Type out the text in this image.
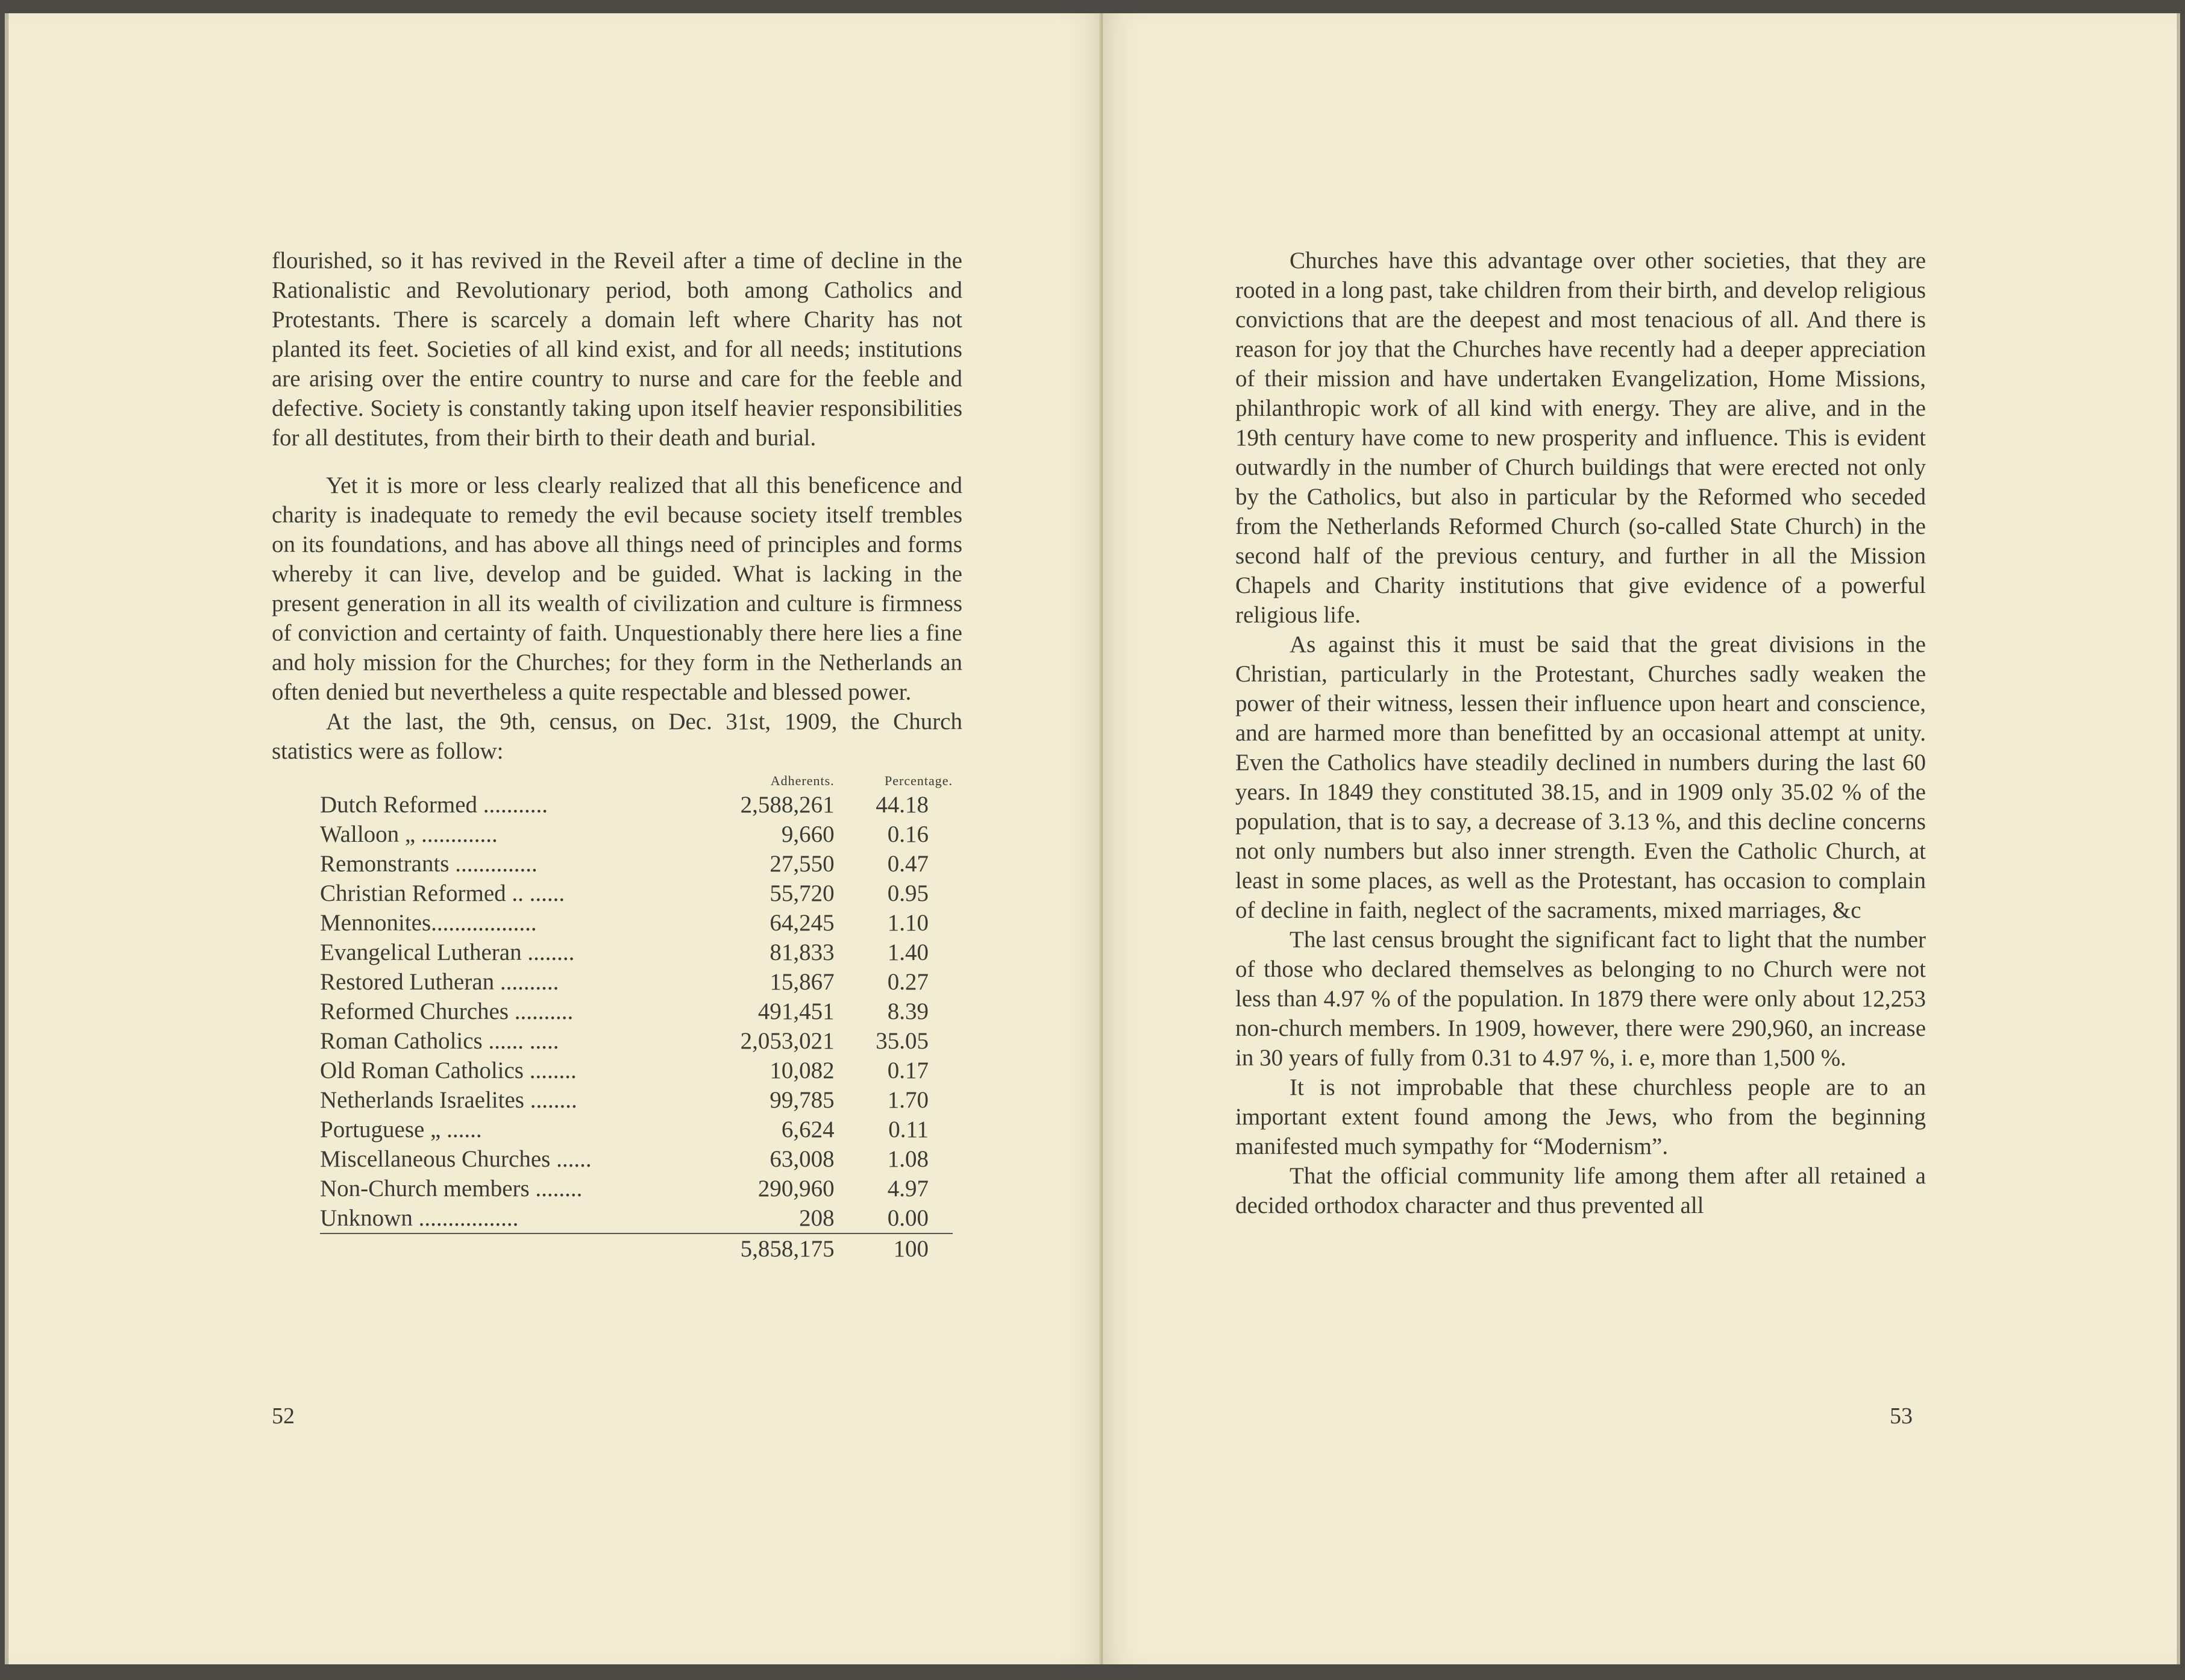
flourished, so it has revived in the Reveil after a time of decline in the Rationalistic and Revolutionary period, both among Catholics and Protestants. There is scarcely a domain left where Charity has not planted its feet. Societies of all kind exist, and for all needs; institutions are arising over the entire country to nurse and care for the feeble and defective. Society is constantly taking upon itself heavier responsibilities for all destitutes, from their birth to their death and burial.

Yet it is more or less clearly realized that all this beneficence and charity is inadequate to remedy the evil because society itself trembles on its foundations, and has above all things need of principles and forms whereby it can live, develop and be guided. What is lacking in the present generation in all its wealth of civilization and culture is firmness of conviction and certainty of faith. Unquestionably there here lies a fine and holy mission for the Churches; for they form in the Netherlands an often denied but nevertheless a quite respectable and blessed power.

At the last, the 9th, census, on Dec. 31st, 1909, the Church statistics were as follow:

	Adherents.	Percentage.
Dutch Reformed ...........	2,588,261	44.18
Walloon „ .............	9,660	0.16
Remonstrants ..............	27,550	0.47
Christian Reformed .. ......	55,720	0.95
Mennonites..................	64,245	1.10
Evangelical Lutheran ........	81,833	1.40
Restored Lutheran ..........	15,867	0.27
Reformed Churches ..........	491,451	8.39
Roman Catholics ...... .....	2,053,021	35.05
Old Roman Catholics ........	10,082	0.17
Netherlands Israelites ........	99,785	1.70
Portuguese „ ......	6,624	0.11
Miscellaneous Churches ......	63,008	1.08
Non-Church members ........	290,960	4.97
Unknown .................	208	0.00
	5,858,175	100
52

Churches have this advantage over other societies, that they are rooted in a long past, take children from their birth, and develop religious convictions that are the deepest and most tenacious of all. And there is reason for joy that the Churches have recently had a deeper appreciation of their mission and have undertaken Evangelization, Home Missions, philanthropic work of all kind with energy. They are alive, and in the 19th century have come to new prosperity and influence. This is evident outwardly in the number of Church buildings that were erected not only by the Catholics, but also in particular by the Reformed who seceded from the Netherlands Reformed Church (so-called State Church) in the second half of the previous century, and further in all the Mission Chapels and Charity institutions that give evidence of a powerful religious life.

As against this it must be said that the great divisions in the Christian, particularly in the Protestant, Churches sadly weaken the power of their witness, lessen their influence upon heart and conscience, and are harmed more than benefitted by an occasional attempt at unity. Even the Catholics have steadily declined in numbers during the last 60 years. In 1849 they constituted 38.15, and in 1909 only 35.02 % of the population, that is to say, a decrease of 3.13 %, and this decline concerns not only numbers but also inner strength. Even the Catholic Church, at least in some places, as well as the Protestant, has occasion to complain of decline in faith, neglect of the sacraments, mixed marriages, &c

The last census brought the significant fact to light that the number of those who declared themselves as belonging to no Church were not less than 4.97 % of the population. In 1879 there were only about 12,253 non-church members. In 1909, however, there were 290,960, an increase in 30 years of fully from 0.31 to 4.97 %, i. e, more than 1,500 %.

It is not improbable that these churchless people are to an important extent found among the Jews, who from the beginning manifested much sympathy for “Modernism”.

That the official community life among them after all retained a decided orthodox character and thus prevented all

53
